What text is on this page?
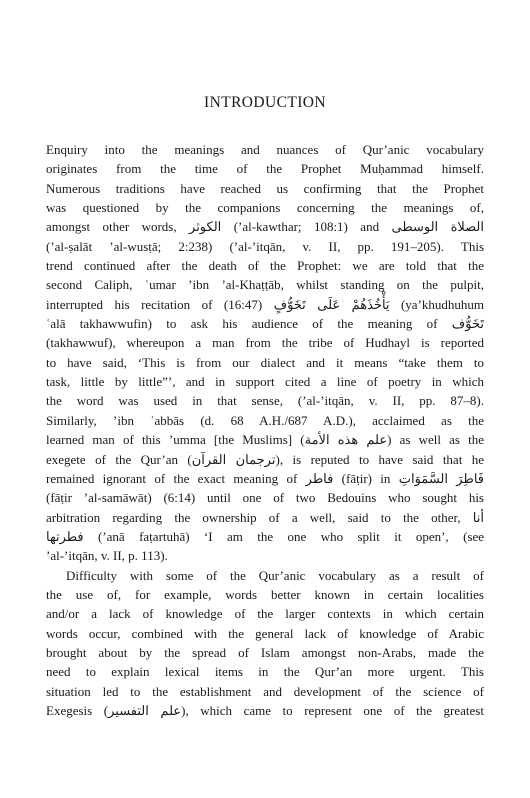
INTRODUCTION
Enquiry into the meanings and nuances of Qur’anic vocabulary
originates from the time of the Prophet Muḥammad himself.
Numerous traditions have reached us confirming that the Prophet
was questioned by the companions concerning the meanings of,
amongst other words, الكوثر (ʼal-kawthar; 108:1) and الصلاة الوسطى
(ʼal-ṣalāt ʼal-wusṭā; 2:238) (ʼal-ʼitqān, v. II, pp. 191–205). This
trend continued after the death of the Prophet: we are told that the
second Caliph, ʿumar ʼibn ʼal-Khaṭṭāb, whilst standing on the pulpit,
interrupted his recitation of (16:47) يَأْخُذَهُمْ عَلَى تَخَوُّفٍ (yaʼkhudhuhum
ʿalā takhawwufin) to ask his audience of the meaning of تَخَوُّف
(takhawwuf), whereupon a man from the tribe of Hudhayl is reported
to have said, ‘This is from our dialect and it means “take them to
task, little by little”’, and in support cited a line of poetry in which
the word was used in that sense, (ʼal-ʼitqān, v. II, pp. 87–8).
Similarly, ʼibn ʿabbās (d. 68 A.H./687 A.D.), acclaimed as the
learned man of this ʼumma [the Muslims] (علم هذه الأمة) as well as the
exegete of the Qur’an (ترجمان القرآن), is reputed to have said that he
remained ignorant of the exact meaning of فاطر (fāṭir) in فَاطِرَ السَّمَوَاتِ
(fāṭir ʼal-samāwāt) (6:14) until one of two Bedouins who sought his
arbitration regarding the ownership of a well, said to the other, أنا
فطرتها (ʼanā faṭartuhā) ‘I am the one who split it open’, (see
ʼal-ʼitqān, v. II, p. 113).
Difficulty with some of the Qur’anic vocabulary as a result of
the use of, for example, words better known in certain localities
and/or a lack of knowledge of the larger contexts in which certain
words occur, combined with the general lack of knowledge of Arabic
brought about by the spread of Islam amongst non-Arabs, made the
need to explain lexical items in the Qur’an more urgent. This
situation led to the establishment and development of the science of
Exegesis (علم التفسير), which came to represent one of the greatest
